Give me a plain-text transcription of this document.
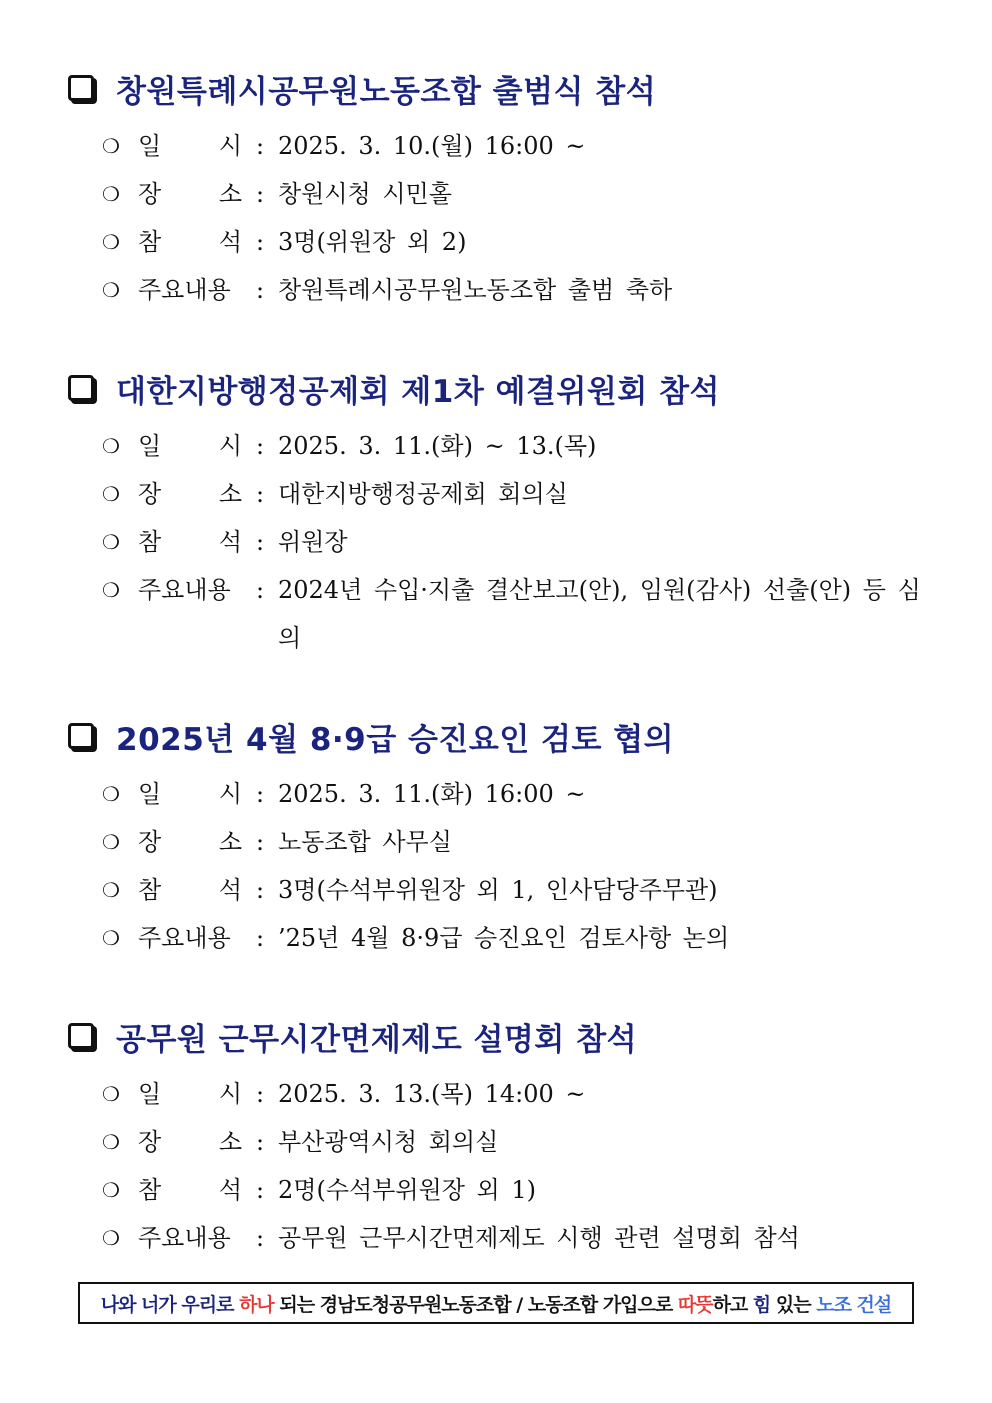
창원특례시공무원노동조합 출범식 참석
❍ 일 시 : 2025. 3. 10.(월) 16:00 ~
❍ 장 소 : 창원시청 시민홀
❍ 참 석 : 3명(위원장 외 2)
❍ 주요내용	: 창원특례시공무원노동조합 출범 축하
대한지방행정공제회 제1차 예결위원회 참석
❍ 일 시 : 2025. 3. 11.(화) ~ 13.(목)
❍ 장 소 : 대한지방행정공제회 회의실
❍ 참 석 : 위원장
❍ 주요내용	: 2024년 수입·지출 결산보고(안), 임원(감사) 선출(안) 등 심의
2025년 4월 8·9급 승진요인 검토 협의
❍ 일 시 : 2025. 3. 11.(화) 16:00 ~
❍ 장 소 : 노동조합 사무실
❍ 참 석 : 3명(수석부위원장 외 1, 인사담당주무관)
❍ 주요내용	: ’25년 4월 8·9급 승진요인 검토사항 논의
공무원 근무시간면제제도 설명회 참석
❍ 일 시 : 2025. 3. 13.(목) 14:00 ~
❍ 장 소 : 부산광역시청 회의실
❍ 참 석 : 2명(수석부위원장 외 1)
❍ 주요내용	: 공무원 근무시간면제제도 시행 관련 설명회 참석
나와 너가 우리로 하나 되는 경남도청공무원노동조합 / 노동조합 가입으로 따뜻 하고 힘 있는 노조 건설
